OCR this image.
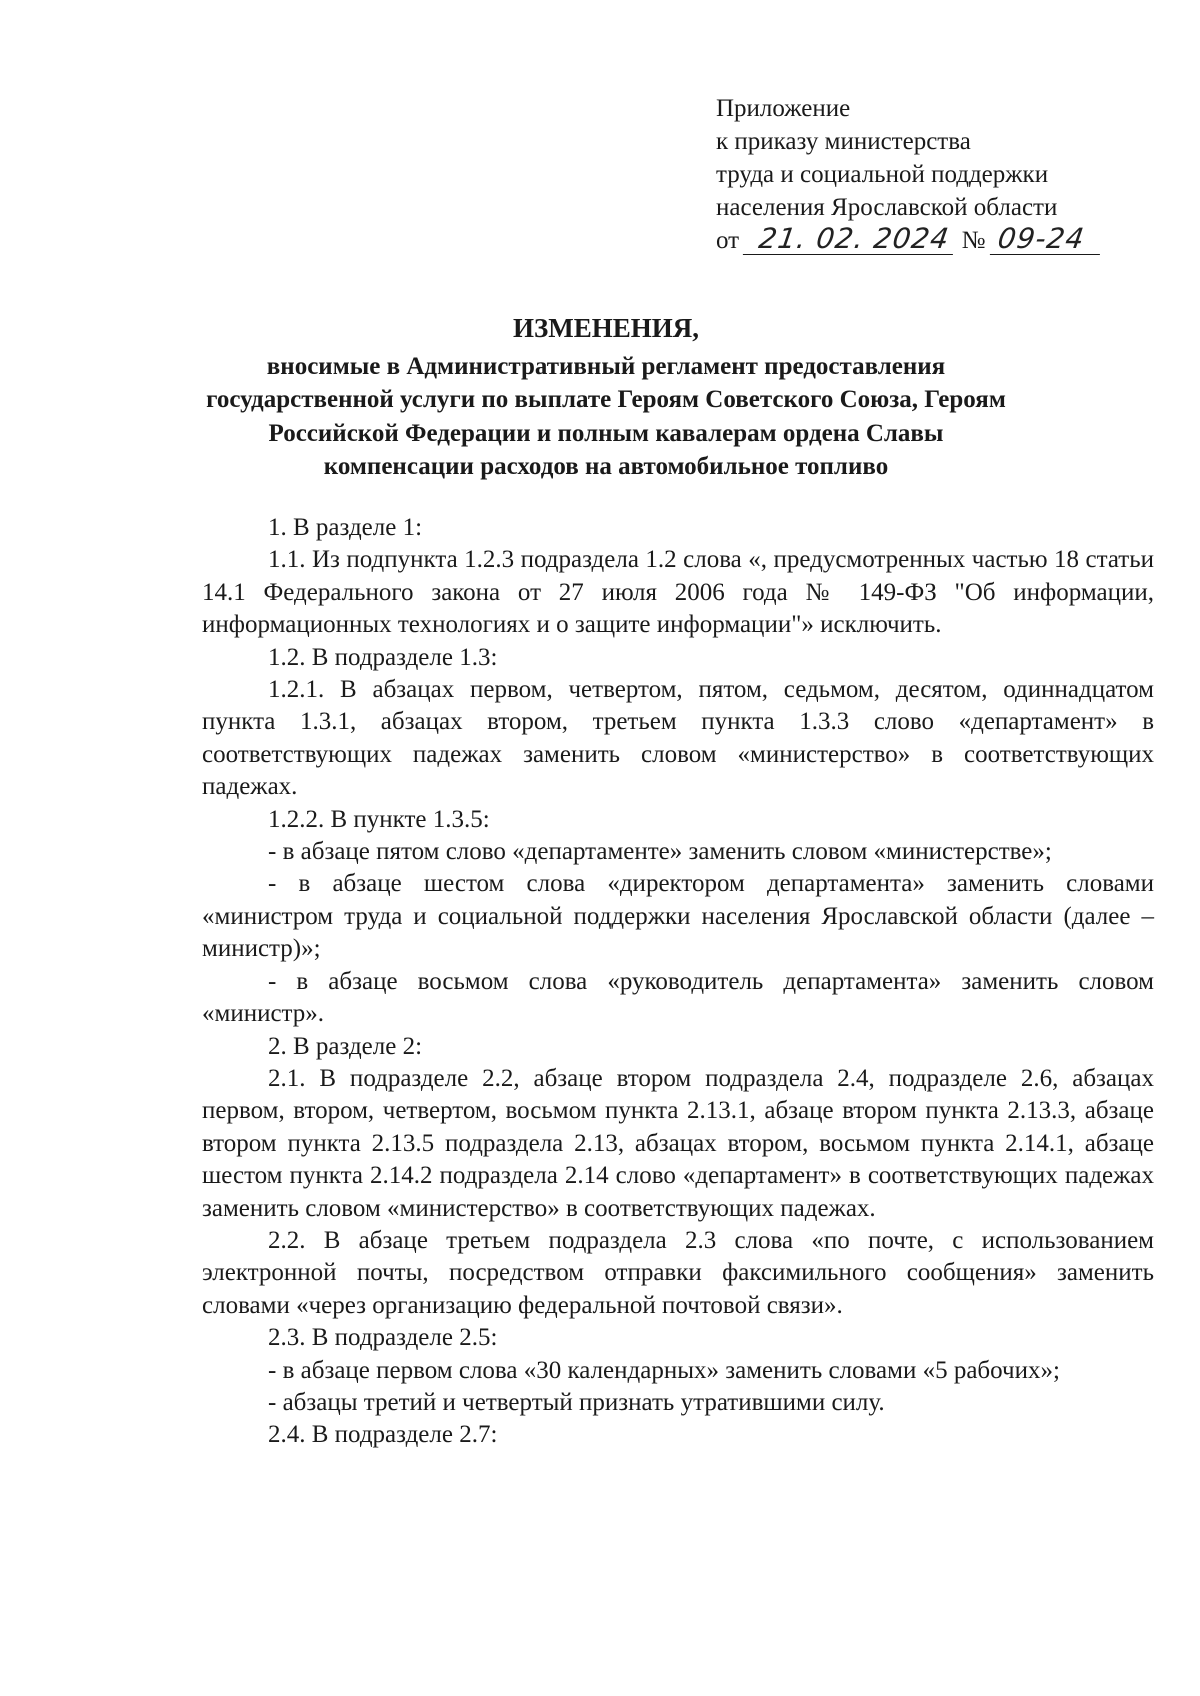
Приложение
к приказу министерства
труда и социальной поддержки
населения Ярославской области
от 21. 02. 2024 № 09-24
ИЗМЕНЕНИЯ,
вносимые в Административный регламент предоставления государственной услуги по выплате Героям Советского Союза, Героям Российской Федерации и полным кавалерам ордена Славы компенсации расходов на автомобильное топливо

1. В разделе 1:

1.1. Из подпункта 1.2.3 подраздела 1.2 слова «, предусмотренных частью 18 статьи 14.1 Федерального закона от 27 июля 2006 года № 149-ФЗ "Об информации, информационных технологиях и о защите информации"» исключить.

1.2. В подразделе 1.3:

1.2.1. В абзацах первом, четвертом, пятом, седьмом, десятом, одиннадцатом пункта 1.3.1, абзацах втором, третьем пункта 1.3.3 слово «департамент» в соответствующих падежах заменить словом «министерство» в соответствующих падежах.

1.2.2. В пункте 1.3.5:

- в абзаце пятом слово «департаменте» заменить словом «министерстве»;

- в абзаце шестом слова «директором департамента» заменить словами «министром труда и социальной поддержки населения Ярославской области (далее – министр)»;

- в абзаце восьмом слова «руководитель департамента» заменить словом «министр».

2. В разделе 2:

2.1. В подразделе 2.2, абзаце втором подраздела 2.4, подразделе 2.6, абзацах первом, втором, четвертом, восьмом пункта 2.13.1, абзаце втором пункта 2.13.3, абзаце втором пункта 2.13.5 подраздела 2.13, абзацах втором, восьмом пункта 2.14.1, абзаце шестом пункта 2.14.2 подраздела 2.14 слово «департамент» в соответствующих падежах заменить словом «министерство» в соответствующих падежах.

2.2. В абзаце третьем подраздела 2.3 слова «по почте, с использованием электронной почты, посредством отправки факсимильного сообщения» заменить словами «через организацию федеральной почтовой связи».

2.3. В подразделе 2.5:

- в абзаце первом слова «30 календарных» заменить словами «5 рабочих»;

- абзацы третий и четвертый признать утратившими силу.

2.4. В подразделе 2.7:
